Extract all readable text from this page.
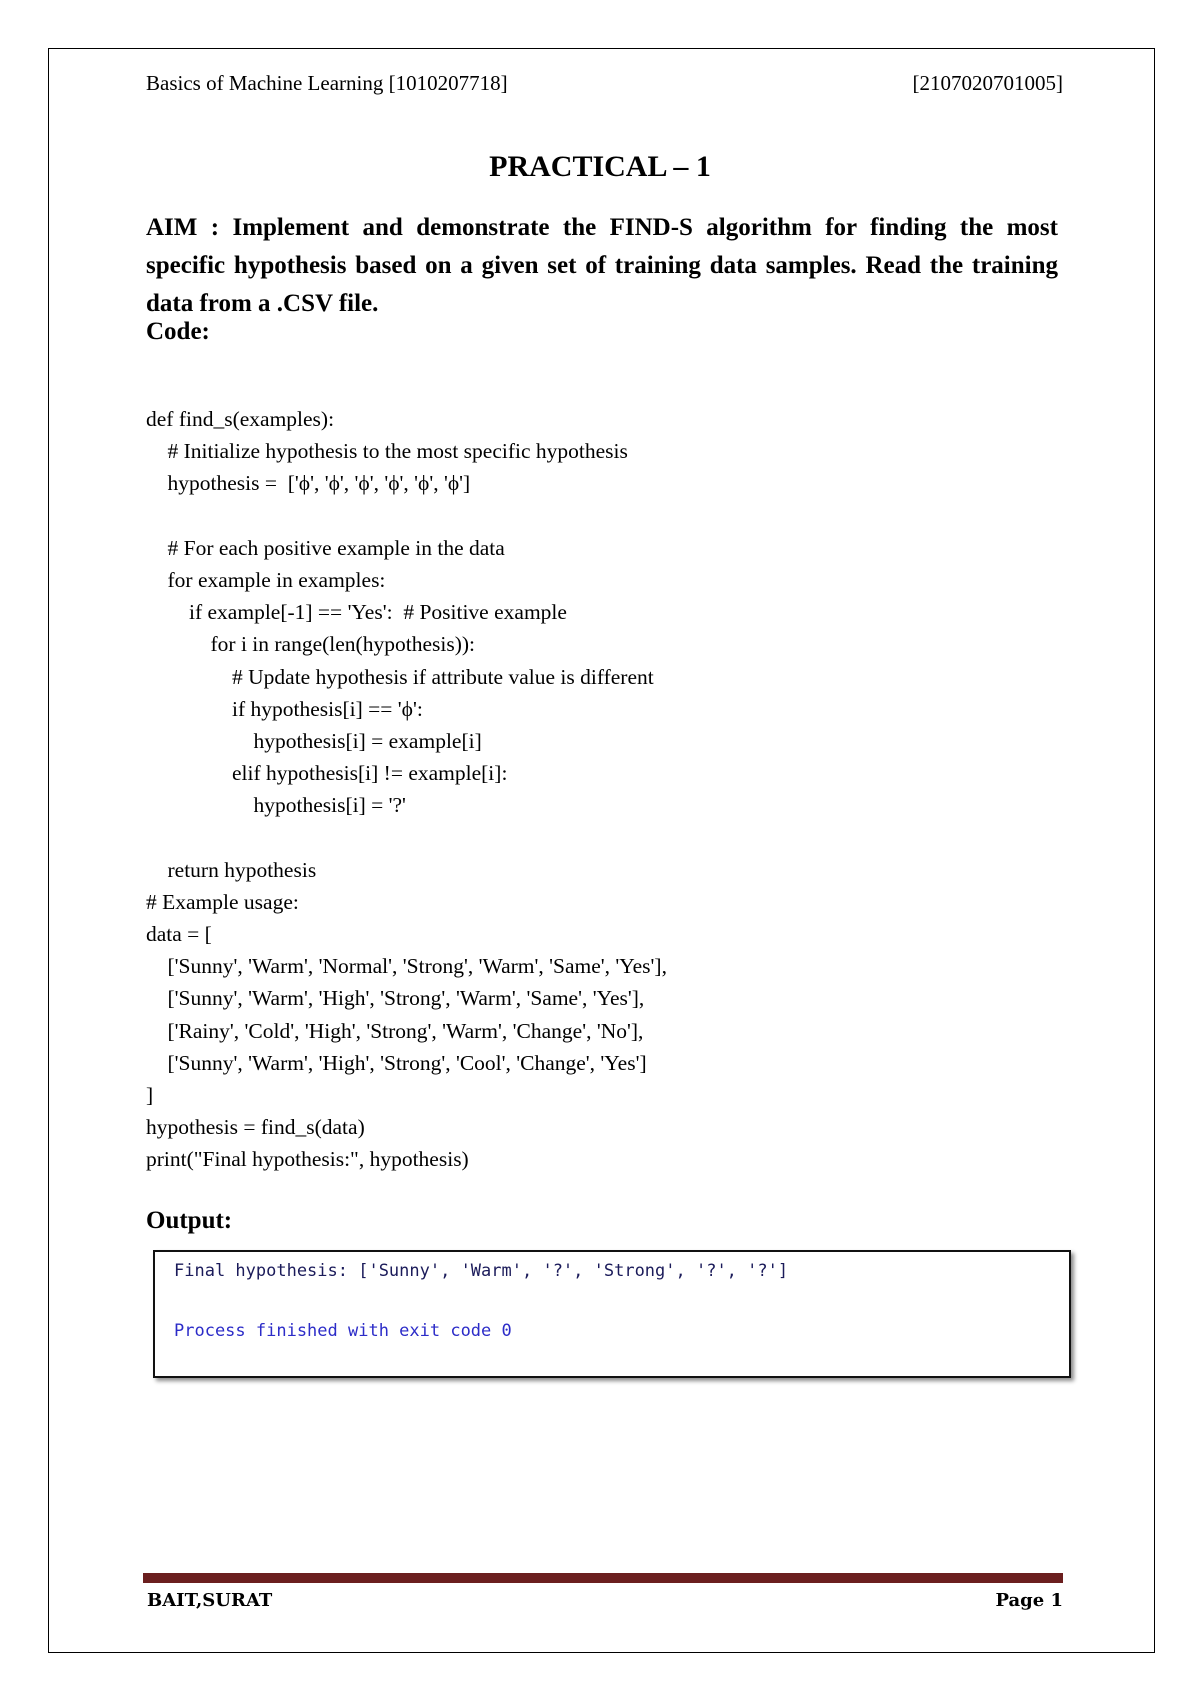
Basics of Machine Learning [1010207718]	[2107020701005]
PRACTICAL – 1
AIM : Implement and demonstrate the FIND-S algorithm for finding the most specific hypothesis based on a given set of training data samples. Read the training data from a .CSV file.
Code:
def find_s(examples):
# Initialize hypothesis to the most specific hypothesis
hypothesis =  ['ϕ', 'ϕ', 'ϕ', 'ϕ', 'ϕ', 'ϕ']
# For each positive example in the data
for example in examples:
if example[-1] == 'Yes':  # Positive example
for i in range(len(hypothesis)):
# Update hypothesis if attribute value is different
if hypothesis[i] == 'ϕ':
hypothesis[i] = example[i]
elif hypothesis[i] != example[i]:
hypothesis[i] = '?'
return hypothesis
# Example usage:
data = [
['Sunny', 'Warm', 'Normal', 'Strong', 'Warm', 'Same', 'Yes'],
['Sunny', 'Warm', 'High', 'Strong', 'Warm', 'Same', 'Yes'],
['Rainy', 'Cold', 'High', 'Strong', 'Warm', 'Change', 'No'],
['Sunny', 'Warm', 'High', 'Strong', 'Cool', 'Change', 'Yes']
]
hypothesis = find_s(data)
print("Final hypothesis:", hypothesis)
Output:
Final hypothesis: ['Sunny', 'Warm', '?', 'Strong', '?', '?']
Process finished with exit code 0
BAIT,SURAT	Page 1
